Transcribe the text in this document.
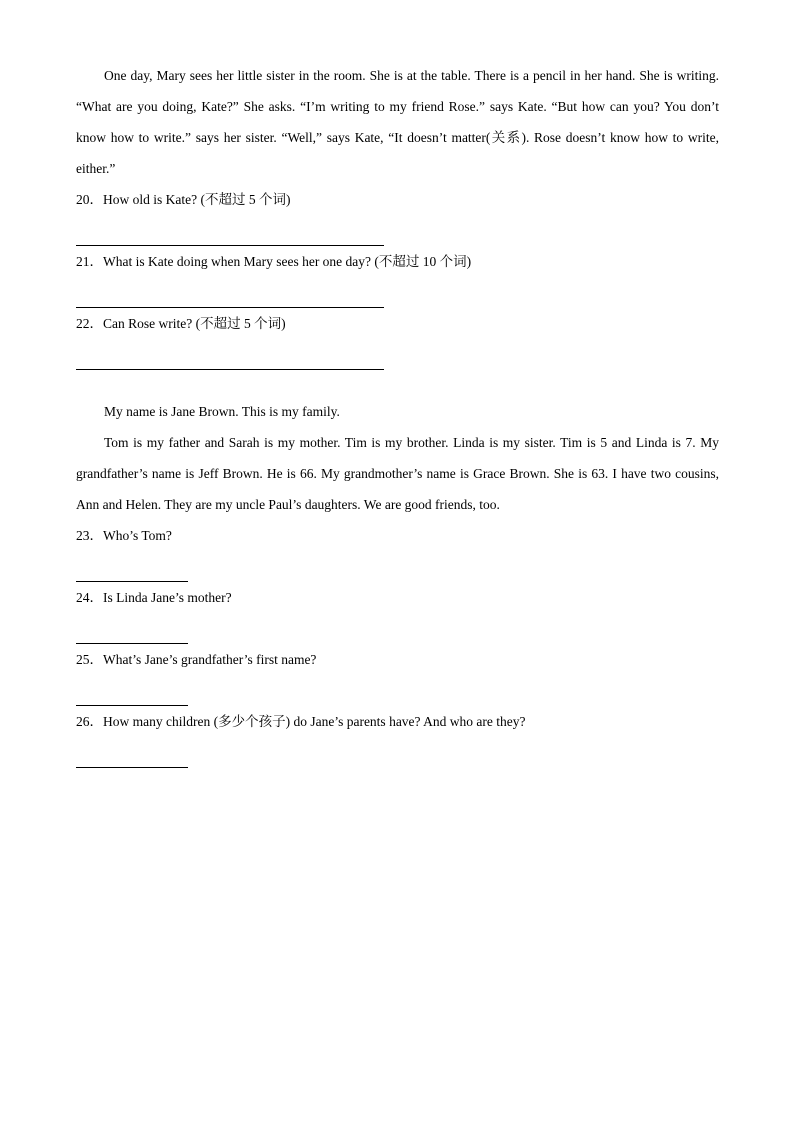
One day, Mary sees her little sister in the room. She is at the table. There is a pencil in her hand. She is writing. “What are you doing, Kate?” She asks. “I’m writing to my friend Rose.” says Kate. “But how can you? You don’t know how to write.” says her sister. “Well,” says Kate, “It doesn’t matter(关系). Rose doesn’t know how to write, either.”

20．How old is Kate? (不超过 5 个词)

21．What is Kate doing when Mary sees her one day? (不超过 10 个词)

22．Can Rose write? (不超过 5 个词)

My name is Jane Brown. This is my family.

Tom is my father and Sarah is my mother. Tim is my brother. Linda is my sister. Tim is 5 and Linda is 7. My grandfather’s name is Jeff Brown. He is 66. My grandmother’s name is Grace Brown. She is 63. I have two cousins, Ann and Helen. They are my uncle Paul’s daughters. We are good friends, too.

23．Who’s Tom?

24．Is Linda Jane’s mother?

25．What’s Jane’s grandfather’s first name?

26．How many children (多少个孩子) do Jane’s parents have? And who are they?
